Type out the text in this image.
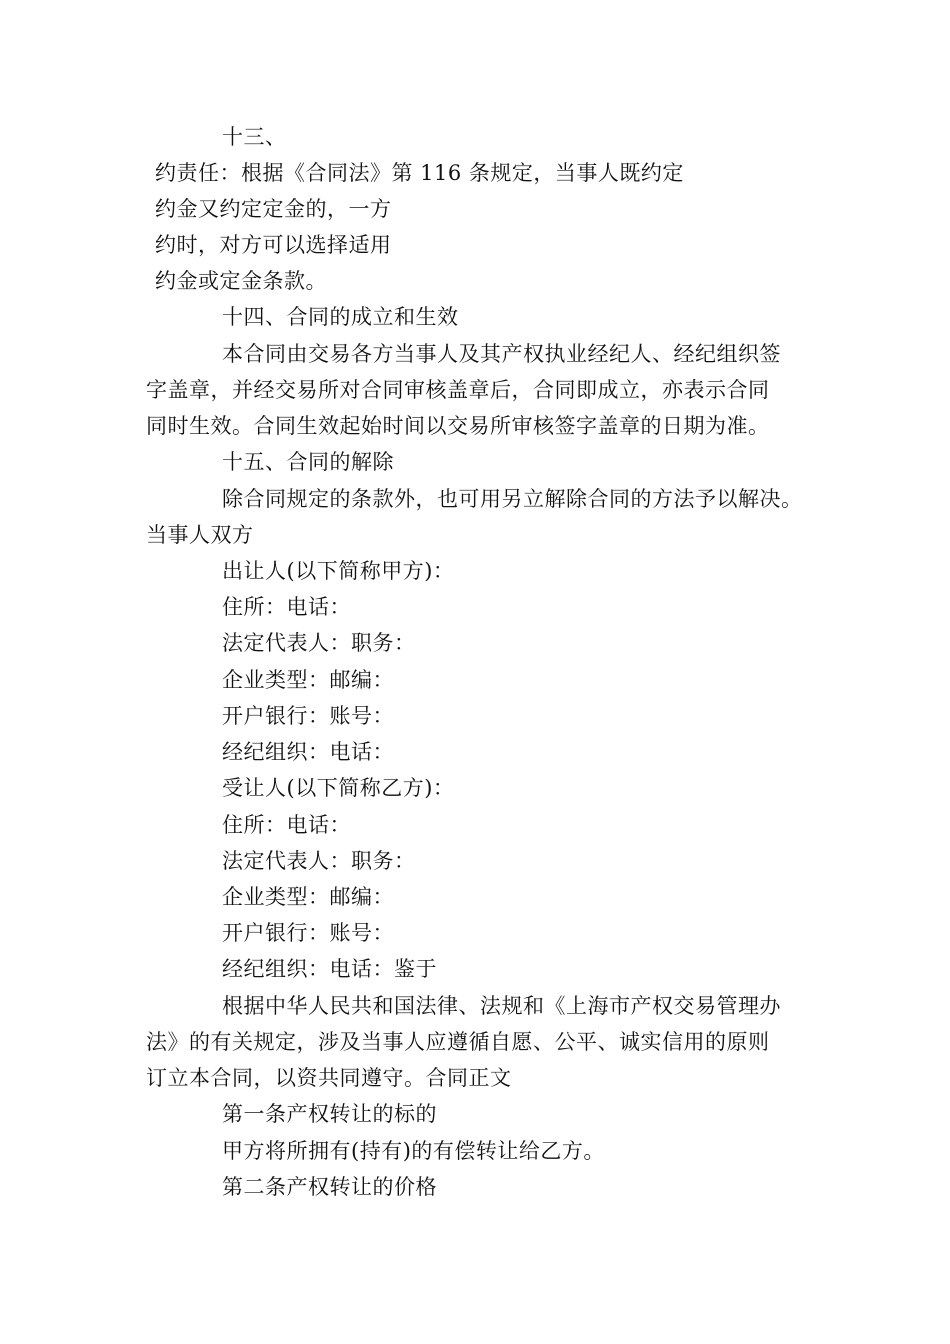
十三、
约责任：根据《合同法》第 116 条规定，当事人既约定
约金又约定定金的，一方
约时，对方可以选择适用
约金或定金条款。
十四、合同的成立和生效
本合同由交易各方当事人及其产权执业经纪人、经纪组织签
字盖章，并经交易所对合同审核盖章后，合同即成立，亦表示合同
同时生效。合同生效起始时间以交易所审核签字盖章的日期为准。
十五、合同的解除
除合同规定的条款外，也可用另立解除合同的方法予以解决。
当事人双方
出让人(以下简称甲方)：
住所：电话：
法定代表人：职务：
企业类型：邮编：
开户银行：账号：
经纪组织：电话：
受让人(以下简称乙方)：
住所：电话：
法定代表人：职务：
企业类型：邮编：
开户银行：账号：
经纪组织：电话：鉴于
根据中华人民共和国法律、法规和《上海市产权交易管理办
法》的有关规定，涉及当事人应遵循自愿、公平、诚实信用的原则
订立本合同，以资共同遵守。合同正文
第一条产权转让的标的
甲方将所拥有(持有)的有偿转让给乙方。
第二条产权转让的价格
